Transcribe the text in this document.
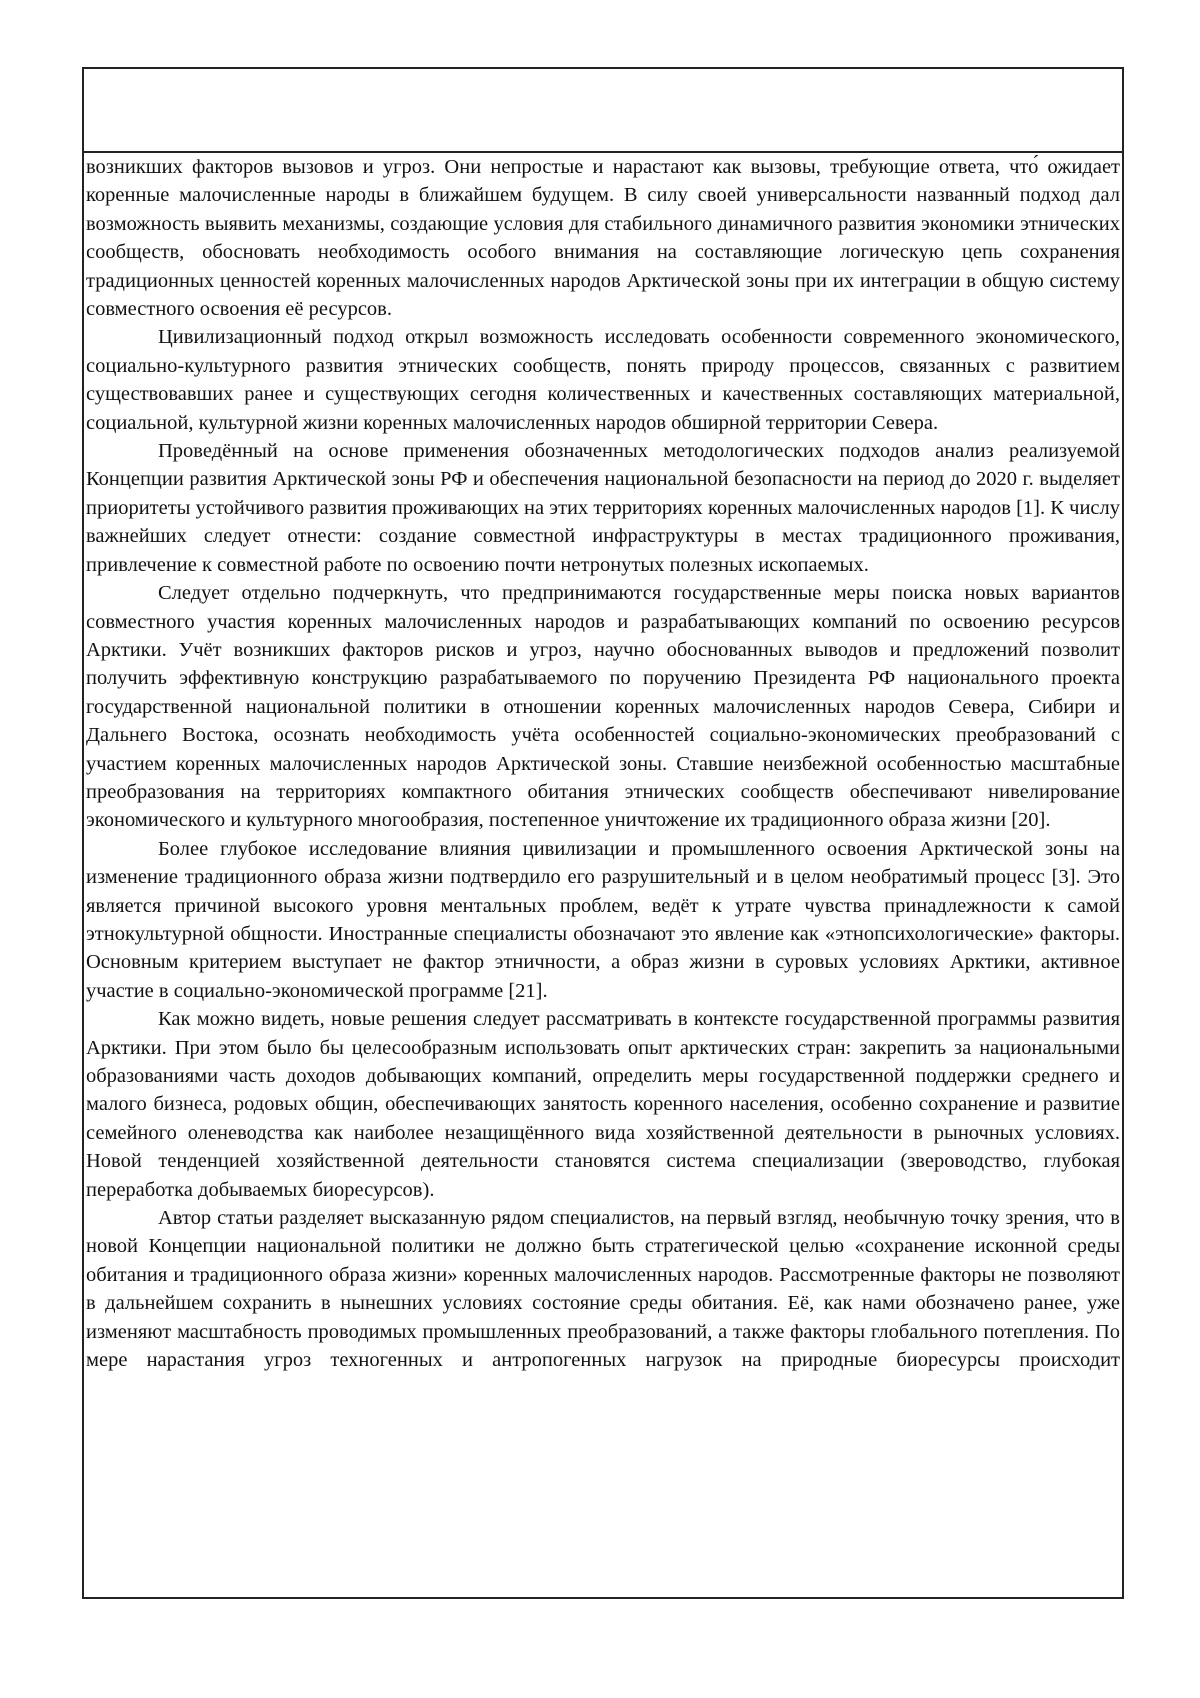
возникших факторов вызовов и угроз. Они непростые и нарастают как вызовы, требующие ответа, что́ ожидает коренные малочисленные народы в ближайшем будущем. В силу своей универсальности названный подход дал возможность выявить механизмы, создающие условия для стабильного динамичного развития экономики этнических сообществ, обосновать необходимость особого внимания на составляющие логическую цепь сохранения традиционных ценностей коренных малочисленных народов Арктической зоны при их интеграции в общую систему совместного освоения её ресурсов.

Цивилизационный подход открыл возможность исследовать особенности современного экономического, социально-культурного развития этнических сообществ, понять природу процессов, связанных с развитием существовавших ранее и существующих сегодня количественных и качественных составляющих материальной, социальной, культурной жизни коренных малочисленных народов обширной территории Севера.

Проведённый на основе применения обозначенных методологических подходов анализ реализуемой Концепции развития Арктической зоны РФ и обеспечения национальной безопасности на период до 2020 г. выделяет приоритеты устойчивого развития проживающих на этих территориях коренных малочисленных народов [1]. К числу важнейших следует отнести: создание совместной инфраструктуры в местах традиционного проживания, привлечение к совместной работе по освоению почти нетронутых полезных ископаемых.

Следует отдельно подчеркнуть, что предпринимаются государственные меры поиска новых вариантов совместного участия коренных малочисленных народов и разрабатывающих компаний по освоению ресурсов Арктики. Учёт возникших факторов рисков и угроз, научно обоснованных выводов и предложений позволит получить эффективную конструкцию разрабатываемого по поручению Президента РФ национального проекта государственной национальной политики в отношении коренных малочисленных народов Севера, Сибири и Дальнего Востока, осознать необходимость учёта особенностей социально-экономических преобразований с участием коренных малочисленных народов Арктической зоны. Ставшие неизбежной особенностью масштабные преобразования на территориях компактного обитания этнических сообществ обеспечивают нивелирование экономического и культурного многообразия, постепенное уничтожение их традиционного образа жизни [20].

Более глубокое исследование влияния цивилизации и промышленного освоения Арктической зоны на изменение традиционного образа жизни подтвердило его разрушительный и в целом необратимый процесс [3]. Это является причиной высокого уровня ментальных проблем, ведёт к утрате чувства принадлежности к самой этнокультурной общности. Иностранные специалисты обозначают это явление как «этнопсихологические» факторы. Основным критерием выступает не фактор этничности, а образ жизни в суровых условиях Арктики, активное участие в социально-экономической программе [21].

Как можно видеть, новые решения следует рассматривать в контексте государственной программы развития Арктики. При этом было бы целесообразным использовать опыт арктических стран: закрепить за национальными образованиями часть доходов добывающих компаний, определить меры государственной поддержки среднего и малого бизнеса, родовых общин, обеспечивающих занятость коренного населения, особенно сохранение и развитие семейного оленеводства как наиболее незащищённого вида хозяйственной деятельности в рыночных условиях. Новой тенденцией хозяйственной деятельности становятся система специализации (звероводство, глубокая переработка добываемых биоресурсов).

Автор статьи разделяет высказанную рядом специалистов, на первый взгляд, необычную точку зрения, что в новой Концепции национальной политики не должно быть стратегической целью «сохранение исконной среды обитания и традиционного образа жизни» коренных малочисленных народов. Рассмотренные факторы не позволяют в дальнейшем сохранить в нынешних условиях состояние среды обитания. Её, как нами обозначено ранее, уже изменяют масштабность проводимых промышленных преобразований, а также факторы глобального потепления. По мере нарастания угроз техногенных и антропогенных нагрузок на природные биоресурсы происходит
